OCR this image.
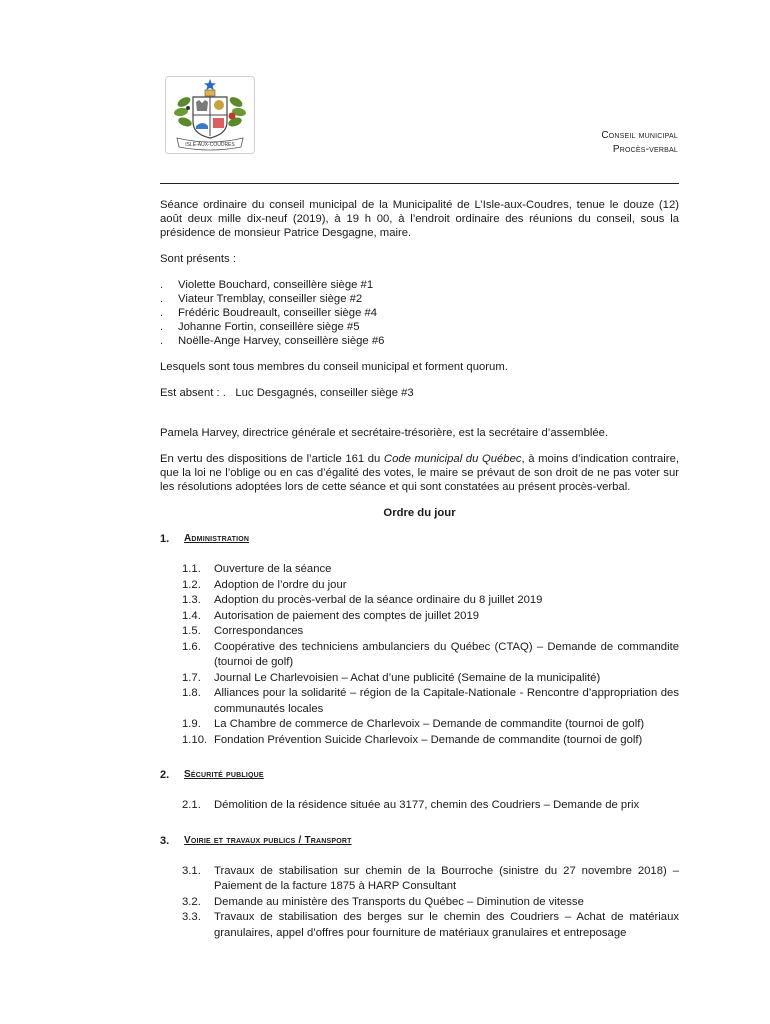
ISLE-AUX-COUDRES
Conseil municipal
Procès-verbal

Séance ordinaire du conseil municipal de la Municipalité de L’Isle-aux-Coudres, tenue le douze (12) août deux mille dix-neuf (2019), à 19 h 00, à l’endroit ordinaire des réunions du conseil, sous la présidence de monsieur Patrice Desgagne, maire.

Sont présents :

.	Violette Bouchard, conseillère siège #1
.	Viateur Tremblay, conseiller siège #2
.	Frédéric Boudreault, conseiller siège #4
.	Johanne Fortin, conseillère siège #5
.	Noëlle-Ange Harvey, conseillère siège #6

Lesquels sont tous membres du conseil municipal et forment quorum.

Est absent : .   Luc Desgagnés, conseiller siège #3

Pamela Harvey, directrice générale et secrétaire-trésorière, est la secrétaire d’assemblée.

En vertu des dispositions de l’article 161 du Code municipal du Québec, à moins d’indication contraire, que la loi ne l’oblige ou en cas d’égalité des votes, le maire se prévaut de son droit de ne pas voter sur les résolutions adoptées lors de cette séance et qui sont constatées au présent procès-verbal.

Ordre du jour

1.	Administration
1.1.	Ouverture de la séance
1.2.	Adoption de l’ordre du jour
1.3.	Adoption du procès-verbal de la séance ordinaire du 8 juillet 2019
1.4.	Autorisation de paiement des comptes de juillet 2019
1.5.	Correspondances
1.6.	Coopérative des techniciens ambulanciers du Québec (CTAQ) – Demande de commandite (tournoi de golf)
1.7.	Journal Le Charlevoisien – Achat d’une publicité (Semaine de la municipalité)
1.8.	Alliances pour la solidarité – région de la Capitale-Nationale - Rencontre d’appropriation des communautés locales
1.9.	La Chambre de commerce de Charlevoix – Demande de commandite (tournoi de golf)
1.10. Fondation Prévention Suicide Charlevoix – Demande de commandite (tournoi de golf)
2.	Sécurité publique
2.1.	Démolition de la résidence située au 3177, chemin des Coudriers – Demande de prix
3.	Voirie et travaux publics / Transport
3.1.	Travaux de stabilisation sur chemin de la Bourroche (sinistre du 27 novembre 2018) – Paiement de la facture 1875 à HARP Consultant
3.2.	Demande au ministère des Transports du Québec – Diminution de vitesse
3.3.	Travaux de stabilisation des berges sur le chemin des Coudriers – Achat de matériaux granulaires, appel d’offres pour fourniture de matériaux granulaires et entreposage
